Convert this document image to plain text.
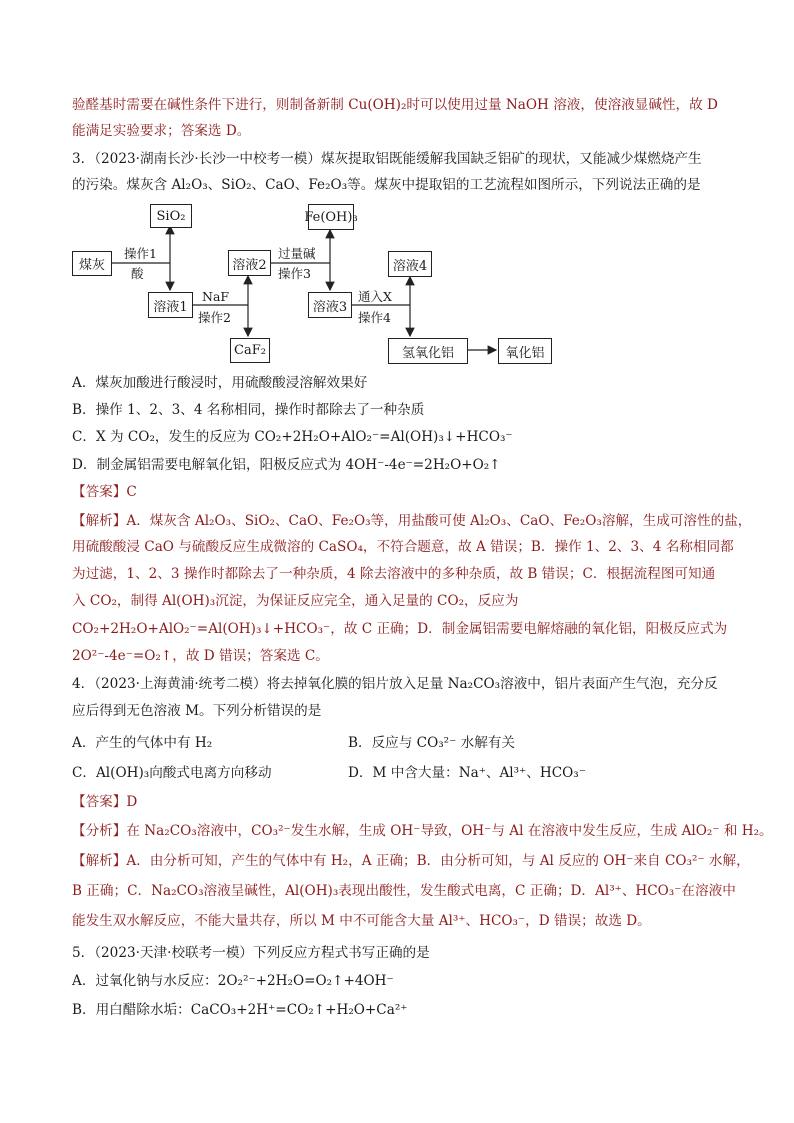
验醛基时需要在碱性条件下进行，则制备新制 Cu(OH)₂时可以使用过量 NaOH 溶液，使溶液显碱性，故 D
能满足实验要求；答案选 D。
3．（2023·湖南长沙·长沙一中校考一模）煤灰提取铝既能缓解我国缺乏铝矿的现状，又能减少煤燃烧产生
的污染。煤灰含 Al₂O₃、SiO₂、CaO、Fe₂O₃等。煤灰中提取铝的工艺流程如图所示，下列说法正确的是
煤灰
SiO₂
溶液1
溶液2
CaF₂
Fe(OH)₃
溶液3
溶液4
氢氧化铝	氧化铝
操作1
酸
NaF
操作2
过量碱
操作3
通入X
操作4
A．煤灰加酸进行酸浸时，用硫酸酸浸溶解效果好
B．操作 1、2、3、4 名称相同，操作时都除去了一种杂质
C．X 为 CO₂，发生的反应为 CO₂+2H₂O+AlO₂⁻=Al(OH)₃↓+HCO₃⁻
D．制金属铝需要电解氧化铝，阳极反应式为 4OH⁻-4e⁻=2H₂O+O₂↑
【答案】C
【解析】A．煤灰含 Al₂O₃、SiO₂、CaO、Fe₂O₃等，用盐酸可使 Al₂O₃、CaO、Fe₂O₃溶解，生成可溶性的盐，
用硫酸酸浸 CaO 与硫酸反应生成微溶的 CaSO₄，不符合题意，故 A 错误；B．操作 1、2、3、4 名称相同都
为过滤，1、2、3 操作时都除去了一种杂质，4 除去溶液中的多种杂质，故 B 错误；C．根据流程图可知通
入 CO₂，制得 Al(OH)₃沉淀，为保证反应完全，通入足量的 CO₂，反应为
CO₂+2H₂O+AlO₂⁻=Al(OH)₃↓+HCO₃⁻，故 C 正确；D．制金属铝需要电解熔融的氧化铝，阳极反应式为
2O²⁻-4e⁻=O₂↑，故 D 错误；答案选 C。
4．（2023·上海黄浦·统考二模）将去掉氧化膜的铝片放入足量 Na₂CO₃溶液中，铝片表面产生气泡，充分反
应后得到无色溶液 M。下列分析错误的是
A．产生的气体中有 H₂	B．反应与 CO₃²⁻ 水解有关
C．Al(OH)₃向酸式电离方向移动	D．M 中含大量：Na⁺、Al³⁺、HCO₃⁻
【答案】D
【分析】在 Na₂CO₃溶液中，CO₃²⁻发生水解，生成 OH⁻导致，OH⁻与 Al 在溶液中发生反应，生成 AlO₂⁻ 和 H₂。
【解析】A．由分析可知，产生的气体中有 H₂，A 正确；B．由分析可知，与 Al 反应的 OH⁻来自 CO₃²⁻ 水解，
B 正确；C．Na₂CO₃溶液呈碱性，Al(OH)₃表现出酸性，发生酸式电离，C 正确；D．Al³⁺、HCO₃⁻在溶液中
能发生双水解反应，不能大量共存，所以 M 中不可能含大量 Al³⁺、HCO₃⁻，D 错误；故选 D。
5．（2023·天津·校联考一模）下列反应方程式书写正确的是
A．过氧化钠与水反应：2O₂²⁻+2H₂O=O₂↑+4OH⁻
B．用白醋除水垢：CaCO₃+2H⁺=CO₂↑+H₂O+Ca²⁺
